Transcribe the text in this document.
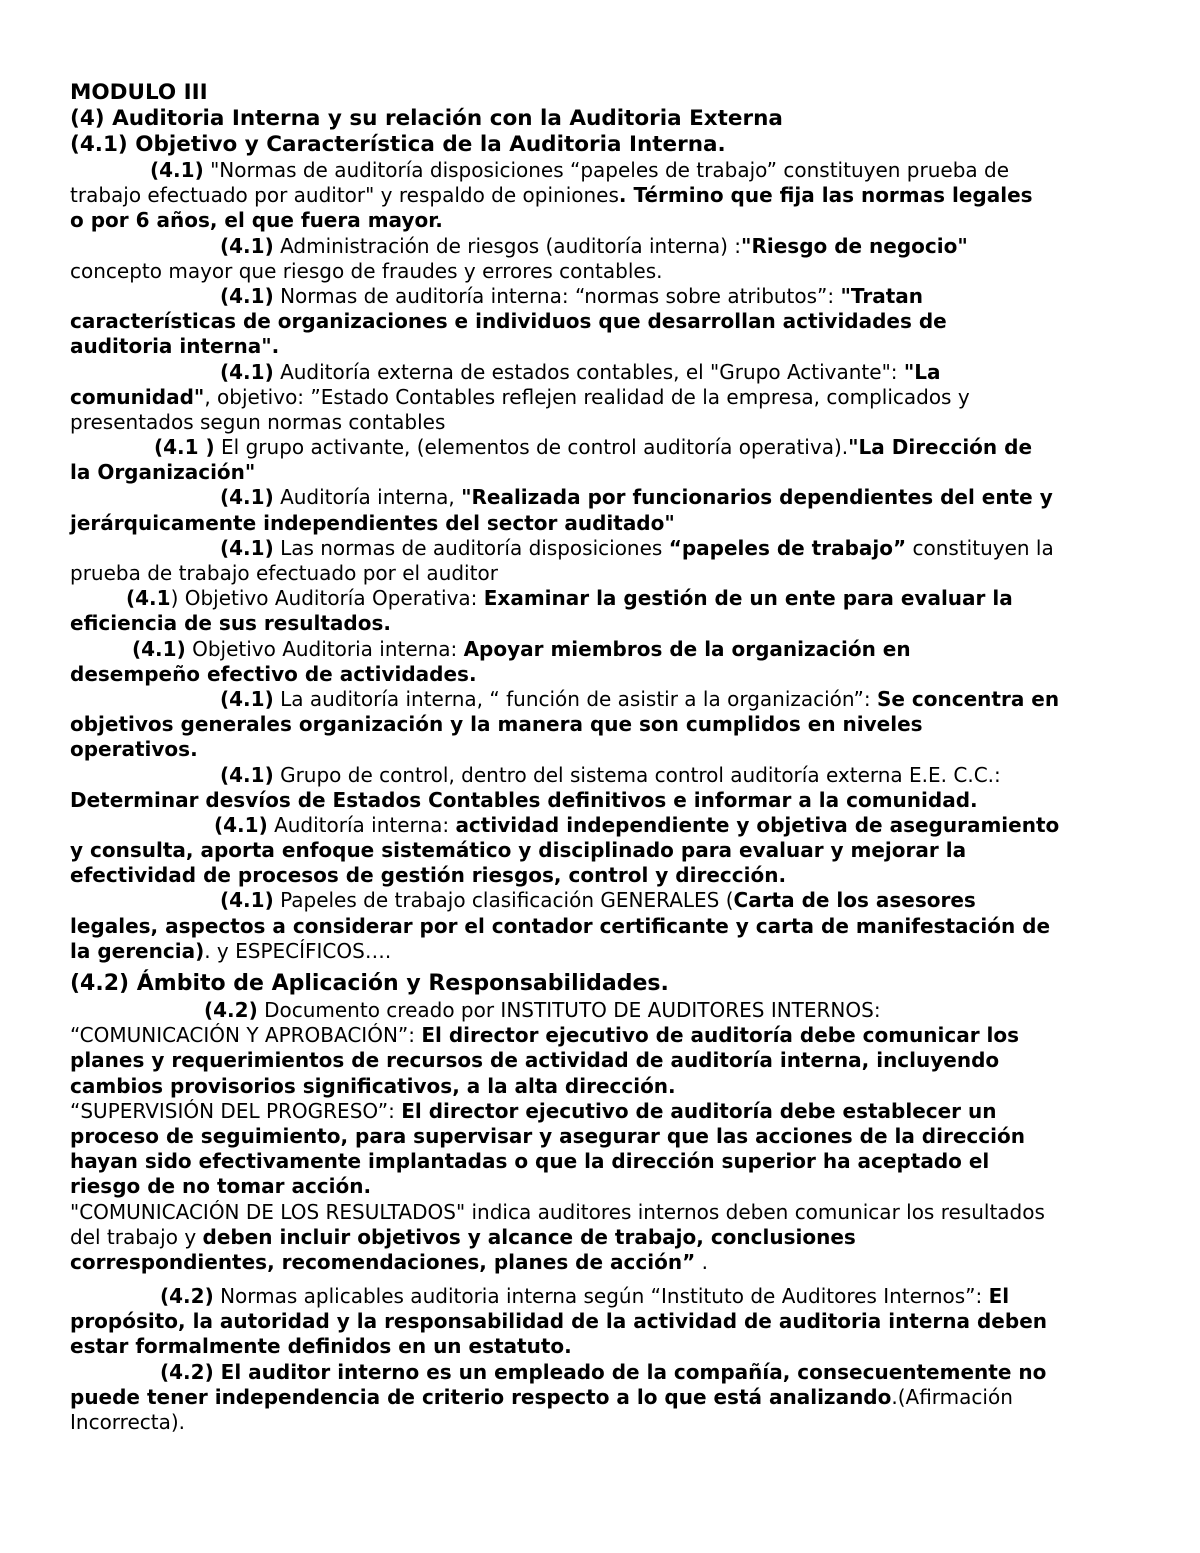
MODULO III
(4) Auditoria Interna y su relación con la Auditoria Externa
(4.1) Objetivo y Característica de la Auditoria Interna.
(4.1) "Normas de auditoría disposiciones “papeles de trabajo” constituyen prueba de
trabajo efectuado por auditor" y respaldo de opiniones. Término que fija las normas legales
o por 6 años, el que fuera mayor.
(4.1) Administración de riesgos (auditoría interna) :"Riesgo de negocio"
concepto mayor que riesgo de fraudes y errores contables.
(4.1) Normas de auditoría interna: “normas sobre atributos”: "Tratan
características de organizaciones e individuos que desarrollan actividades de
auditoria interna".
(4.1) Auditoría externa de estados contables, el "Grupo Activante": "La
comunidad", objetivo: ”Estado Contables reflejen realidad de la empresa, complicados y
presentados segun normas contables
(4.1 ) El grupo activante, (elementos de control auditoría operativa)."La Dirección de
la Organización"
(4.1) Auditoría interna, "Realizada por funcionarios dependientes del ente y
jerárquicamente independientes del sector auditado"
(4.1) Las normas de auditoría disposiciones “papeles de trabajo” constituyen la
prueba de trabajo efectuado por el auditor
(4.1) Objetivo Auditoría Operativa: Examinar la gestión de un ente para evaluar la
eficiencia de sus resultados.
(4.1) Objetivo Auditoria interna: Apoyar miembros de la organización en
desempeño efectivo de actividades.
(4.1) La auditoría interna, “ función de asistir a la organización”: Se concentra en
objetivos generales organización y la manera que son cumplidos en niveles
operativos.
(4.1) Grupo de control, dentro del sistema control auditoría externa E.E. C.C.:
Determinar desvíos de Estados Contables definitivos e informar a la comunidad.
(4.1) Auditoría interna: actividad independiente y objetiva de aseguramiento
y consulta, aporta enfoque sistemático y disciplinado para evaluar y mejorar la
efectividad de procesos de gestión riesgos, control y dirección.
(4.1) Papeles de trabajo clasificación GENERALES (Carta de los asesores
legales, aspectos a considerar por el contador certificante y carta de manifestación de
la gerencia). y ESPECÍFICOS….
(4.2) Ámbito de Aplicación y Responsabilidades.
(4.2) Documento creado por INSTITUTO DE AUDITORES INTERNOS:
“COMUNICACIÓN Y APROBACIÓN”: El director ejecutivo de auditoría debe comunicar los
planes y requerimientos de recursos de actividad de auditoría interna, incluyendo
cambios provisorios significativos, a la alta dirección.
“SUPERVISIÓN DEL PROGRESO”: El director ejecutivo de auditoría debe establecer un
proceso de seguimiento, para supervisar y asegurar que las acciones de la dirección
hayan sido efectivamente implantadas o que la dirección superior ha aceptado el
riesgo de no tomar acción.
"COMUNICACIÓN DE LOS RESULTADOS" indica auditores internos deben comunicar los resultados
del trabajo y deben incluir objetivos y alcance de trabajo, conclusiones
correspondientes, recomendaciones, planes de acción” .
(4.2) Normas aplicables auditoria interna según “Instituto de Auditores Internos”: El
propósito, la autoridad y la responsabilidad de la actividad de auditoria interna deben
estar formalmente definidos en un estatuto.
(4.2) El auditor interno es un empleado de la compañía, consecuentemente no
puede tener independencia de criterio respecto a lo que está analizando.(Afirmación
Incorrecta).
